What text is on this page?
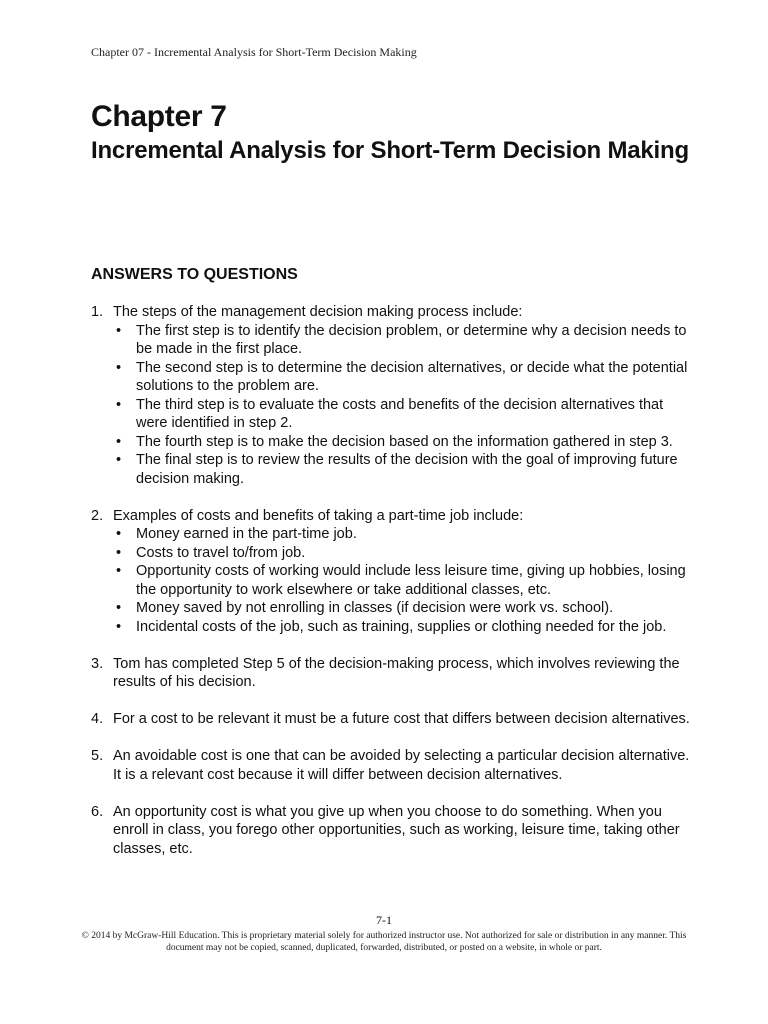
Chapter 07 - Incremental Analysis for Short-Term Decision Making
Chapter 7
Incremental Analysis for Short-Term Decision Making
ANSWERS TO QUESTIONS
1. The steps of the management decision making process include:
• The first step is to identify the decision problem, or determine why a decision needs to be made in the first place.
• The second step is to determine the decision alternatives, or decide what the potential solutions to the problem are.
• The third step is to evaluate the costs and benefits of the decision alternatives that were identified in step 2.
• The fourth step is to make the decision based on the information gathered in step 3.
• The final step is to review the results of the decision with the goal of improving future decision making.
2. Examples of costs and benefits of taking a part-time job include:
• Money earned in the part-time job.
• Costs to travel to/from job.
• Opportunity costs of working would include less leisure time, giving up hobbies, losing the opportunity to work elsewhere or take additional classes, etc.
• Money saved by not enrolling in classes (if decision were work vs. school).
• Incidental costs of the job, such as training, supplies or clothing needed for the job.
3. Tom has completed Step 5 of the decision-making process, which involves reviewing the results of his decision.
4. For a cost to be relevant it must be a future cost that differs between decision alternatives.
5. An avoidable cost is one that can be avoided by selecting a particular decision alternative. It is a relevant cost because it will differ between decision alternatives.
6. An opportunity cost is what you give up when you choose to do something. When you enroll in class, you forego other opportunities, such as working, leisure time, taking other classes, etc.
7-1
© 2014 by McGraw-Hill Education. This is proprietary material solely for authorized instructor use. Not authorized for sale or distribution in any manner. This document may not be copied, scanned, duplicated, forwarded, distributed, or posted on a website, in whole or part.
